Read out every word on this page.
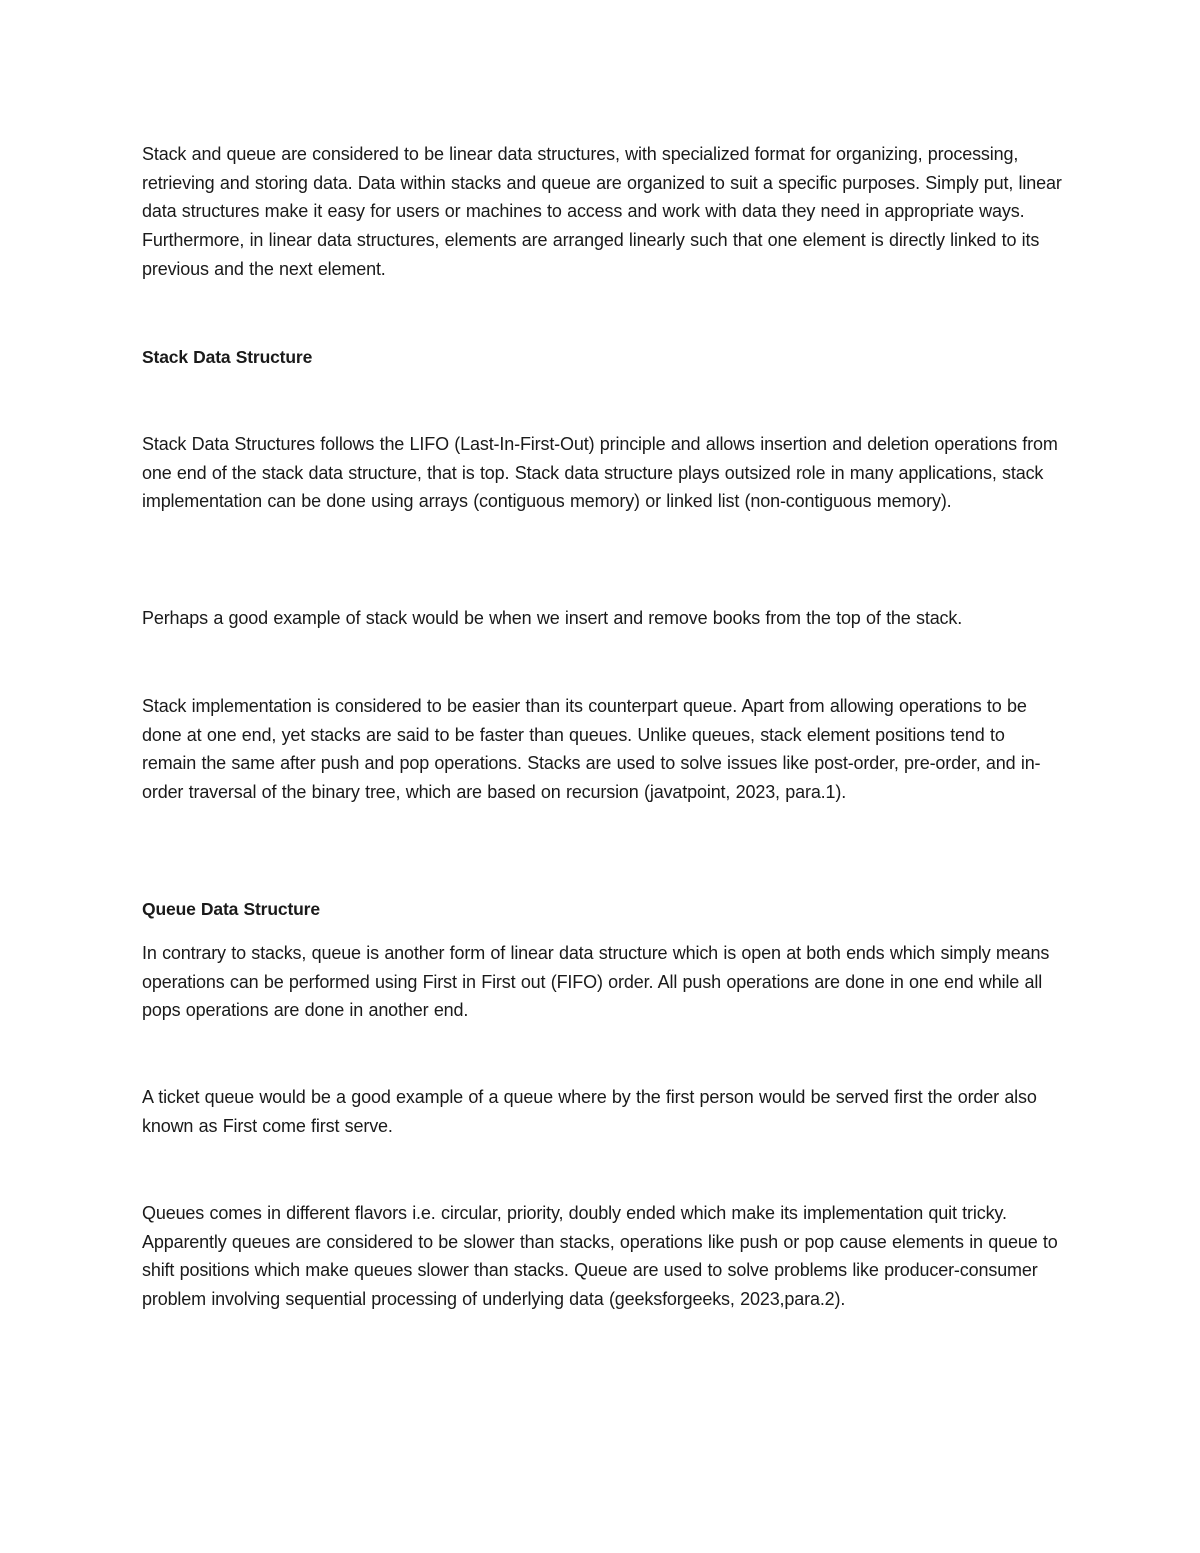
Stack and queue are considered to be linear data structures, with specialized format for organizing, processing, retrieving and storing data. Data within stacks and queue are organized to suit a specific purposes. Simply put, linear data structures make it easy for users or machines to access and work with data they need in appropriate ways. Furthermore, in linear data structures, elements are arranged linearly such that one element is directly linked to its previous and the next element.

Stack Data Structure

Stack Data Structures follows the LIFO (Last-In-First-Out) principle and allows insertion and deletion operations from one end of the stack data structure, that is top. Stack data structure plays outsized role in many applications, stack implementation can be done using arrays (contiguous memory) or linked list (non-contiguous memory).

Perhaps a good example of stack would be when we insert and remove books from the top of the stack.

Stack implementation is considered to be easier than its counterpart queue. Apart from allowing operations to be done at one end, yet stacks are said to be faster than queues. Unlike queues, stack element positions tend to remain the same after push and pop operations. Stacks are used to solve issues like post-order, pre-order, and in-order traversal of the binary tree, which are based on recursion (javatpoint, 2023, para.1).

Queue Data Structure

In contrary to stacks, queue is another form of linear data structure which is open at both ends which simply means operations can be performed using First in First out (FIFO) order. All push operations are done in one end while all pops operations are done in another end.

A ticket queue would be a good example of a queue where by the first person would be served first the order also known as First come first serve.

Queues comes in different flavors i.e. circular, priority, doubly ended which make its implementation quit tricky. Apparently queues are considered to be slower than stacks, operations like push or pop cause elements in queue to shift positions which make queues slower than stacks. Queue are used to solve problems like producer-consumer problem involving sequential processing of underlying data (geeksforgeeks, 2023,para.2).
